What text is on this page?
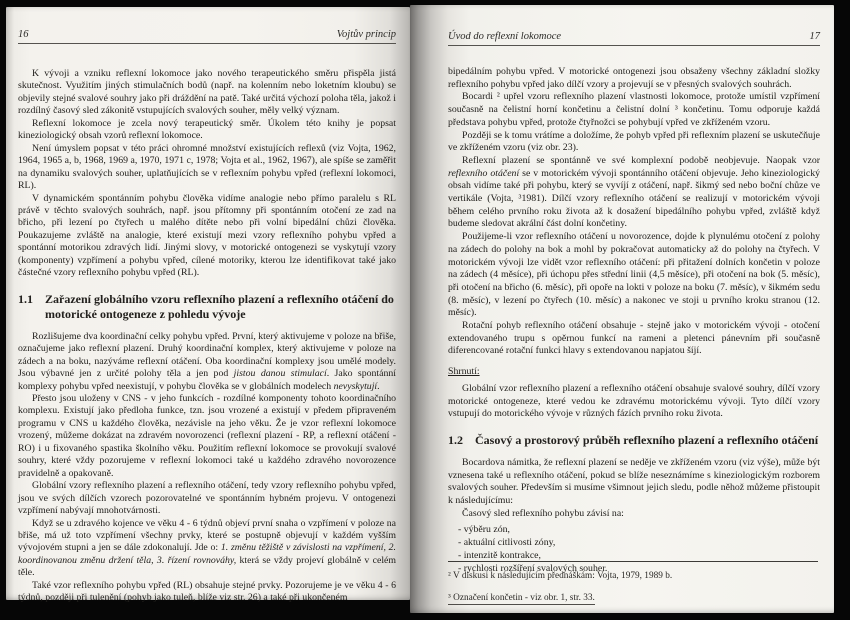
16	Vojtův princip

K vývoji a vzniku reflexní lokomoce jako nového terapeutického směru přispěla jistá skutečnost. Využitím jiných stimulačních bodů (např. na kolenním nebo loketním kloubu) se objevily stejné svalové souhry jako při dráždění na patě. Také určitá výchozí poloha těla, jakož i rozdílný časový sled zákonitě vstupujících svalových souher, měly velký význam.

Reflexní lokomoce je zcela nový terapeutický směr. Úkolem této knihy je popsat kineziologický obsah vzorů reflexní lokomoce.

Není úmyslem popsat v této práci ohromné množství existujících reflexů (viz Vojta, 1962, 1964, 1965 a, b, 1968, 1969 a, 1970, 1971 c, 1978; Vojta et al., 1962, 1967), ale spíše se zaměřit na dynamiku svalových souher, uplatňujících se v reflexním pohybu vpřed (reflexní lokomoci, RL).

V dynamickém spontánním pohybu člověka vidíme analogie nebo přímo paralelu s RL právě v těchto svalových souhrách, např. jsou přítomny při spontánním otočení ze zad na břicho, při lezení po čtyřech u malého dítěte nebo při volní bipedální chůzi člověka. Poukazujeme zvláště na analogie, které existují mezi vzory reflexního pohybu vpřed a spontánní motorikou zdravých lidí. Jinými slovy, v motorické ontogenezi se vyskytují vzory (komponenty) vzpřímení a pohybu vpřed, cílené motoriky, kterou lze identifikovat také jako částečné vzory reflexního pohybu vpřed (RL).

1.1 Zařazení globálního vzoru reflexního plazení a reflexního otáčení do motorické ontogeneze z pohledu vývoje

Rozlišujeme dva koordinační celky pohybu vpřed. První, který aktivujeme v poloze na břiše, označujeme jako reflexní plazení. Druhý koordinační komplex, který aktivujeme v poloze na zádech a na boku, nazýváme reflexní otáčení. Oba koordinační komplexy jsou umělé modely. Jsou výbavné jen z určité polohy těla a jen pod jistou danou stimulací. Jako spontánní komplexy pohybu vpřed neexistují, v pohybu člověka se v globálních modelech nevyskytují.

Přesto jsou uloženy v CNS - v jeho funkcích - rozdílné komponenty tohoto koordinačního komplexu. Existují jako předloha funkce, tzn. jsou vrozené a existují v předem připraveném programu v CNS u každého člověka, nezávisle na jeho věku. Že je vzor reflexní lokomoce vrozený, můžeme dokázat na zdravém novorozenci (reflexní plazení - RP, a reflexní otáčení - RO) i u fixovaného spastika školního věku. Použitím reflexní lokomoce se provokují svalové souhry, které vždy pozorujeme v reflexní lokomoci také u každého zdravého novorozence pravidelně a opakovaně.

Globální vzory reflexního plazení a reflexního otáčení, tedy vzory reflexního pohybu vpřed, jsou ve svých dílčích vzorech pozorovatelné ve spontánním hybném projevu. V ontogenezi vzpřímení nabývají mnohotvárnosti.

Když se u zdravého kojence ve věku 4 - 6 týdnů objeví první snaha o vzpřímení v poloze na břiše, má už toto vzpřímení všechny prvky, které se postupně objevují v každém vyšším vývojovém stupni a jen se dále zdokonalují. Jde o: 1. změnu těžiště v závislosti na vzpřímení, 2. koordinovanou změnu držení těla, 3. řízení rovnováhy, která se vždy projeví globálně v celém těle.

Také vzor reflexního pohybu vpřed (RL) obsahuje stejné prvky. Pozorujeme je ve věku 4 - 6 týdnů, později při tulenění (pohyb jako tuleň, blíže viz str. 26) a také při ukončeném

Úvod do reflexní lokomoce	17

bipedálním pohybu vpřed. V motorické ontogenezi jsou obsaženy všechny základní složky reflexního pohybu vpřed jako dílčí vzory a projevují se v přesných svalových souhrách.

Bocardi ² upřel vzoru reflexního plazení vlastnosti lokomoce, protože umístil vzpřímení současně na čelistní horní končetinu a čelistní dolní ³ končetinu. Tomu odporuje každá představa pohybu vpřed, protože čtyřnožci se pohybují vpřed ve zkříženém vzoru.

Později se k tomu vrátíme a doložíme, že pohyb vpřed při reflexním plazení se uskutečňuje ve zkříženém vzoru (viz obr. 23).

Reflexní plazení se spontánně ve své komplexní podobě neobjevuje. Naopak vzor reflexního otáčení se v motorickém vývoji spontánního otáčení objevuje. Jeho kineziologický obsah vidíme také při pohybu, který se vyvíjí z otáčení, např. šikmý sed nebo boční chůze ve vertikále (Vojta, ³1981). Dílčí vzory reflexního otáčení se realizují v motorickém vývoji během celého prvního roku života až k dosažení bipedálního pohybu vpřed, zvláště když budeme sledovat akrální část dolní končetiny.

Použijeme-li vzor reflexního otáčení u novorozence, dojde k plynulému otočení z polohy na zádech do polohy na bok a mohl by pokračovat automaticky až do polohy na čtyřech. V motorickém vývoji lze vidět vzor reflexního otáčení: při přitažení dolních končetin v poloze na zádech (4 měsíce), při úchopu přes střední linii (4,5 měsíce), při otočení na bok (5. měsíc), při otočení na břicho (6. měsíc), při opoře na lokti v poloze na boku (7. měsíc), v šikmém sedu (8. měsíc), v lezení po čtyřech (10. měsíc) a nakonec ve stoji u prvního kroku stranou (12. měsíc).

Rotační pohyb reflexního otáčení obsahuje - stejně jako v motorickém vývoji - otočení extendovaného trupu s opěrnou funkcí na rameni a pletenci pánevním při současně diferencované rotační funkci hlavy s extendovanou napjatou šíjí.

Shrnutí:

Globální vzor reflexního plazení a reflexního otáčení obsahuje svalové souhry, dílčí vzory motorické ontogeneze, které vedou ke zdravému motorickému vývoji. Tyto dílčí vzory vstupují do motorického vývoje v různých fázích prvního roku života.

1.2 Časový a prostorový průběh reflexního plazení a reflexního otáčení

Bocardova námitka, že reflexní plazení se neděje ve zkříženém vzoru (viz výše), může být vznesena také u reflexního otáčení, pokud se blíže neseznámíme s kineziologickým rozborem svalových souher. Především si musíme všimnout jejich sledu, podle něhož můžeme přistoupit k následujícímu:

Časový sled reflexního pohybu závisí na:

- výběru zón,
- aktuální citlivosti zóny,
- intenzitě kontrakce,
- rychlosti rozšíření svalových souher.
² V diskusi k následujícím přednáškám: Vojta, 1979, 1989 b.
³ Označení končetin - viz obr. 1, str. 33.
